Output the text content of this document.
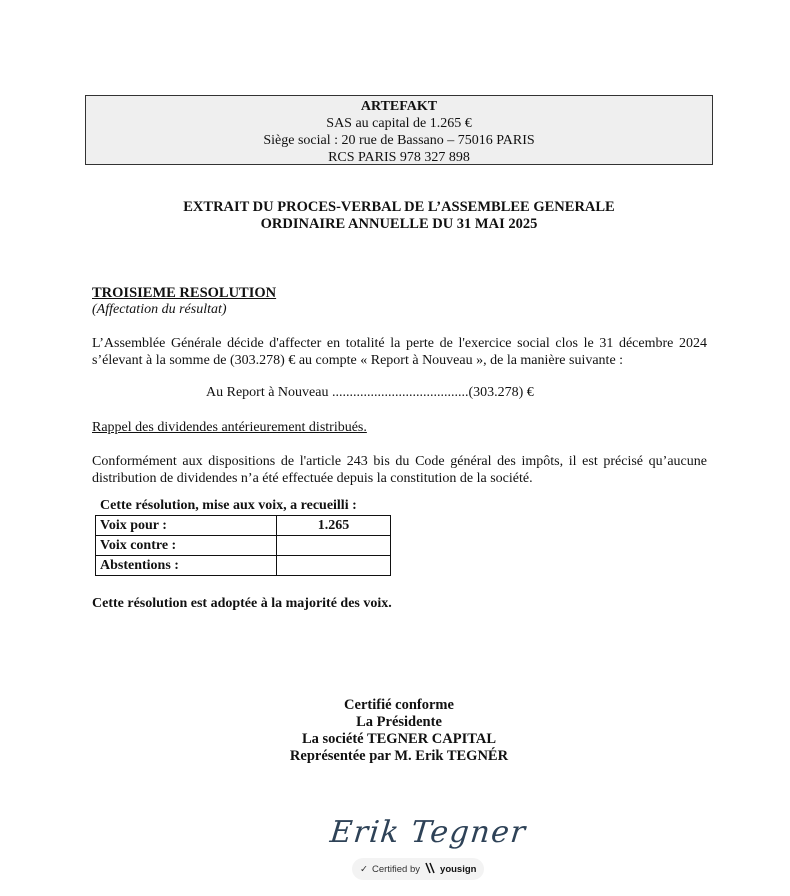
ARTEFAKT
SAS au capital de 1.265 €
Siège social : 20 rue de Bassano – 75016 PARIS
RCS PARIS 978 327 898
EXTRAIT DU PROCES-VERBAL DE L’ASSEMBLEE GENERALE
ORDINAIRE ANNUELLE DU 31 MAI 2025
TROISIEME RESOLUTION
(Affectation du résultat)
L’Assemblée Générale décide d'affecter en totalité la perte de l'exercice social clos le 31 décembre 2024 s’élevant à la somme de (303.278) € au compte « Report à Nouveau », de la manière suivante :
Au Report à Nouveau .......................................(303.278) €
Rappel des dividendes antérieurement distribués.
Conformément aux dispositions de l'article 243 bis du Code général des impôts, il est précisé qu’aucune distribution de dividendes n’a été effectuée depuis la constitution de la société.
Cette résolution, mise aux voix, a recueilli :
Voix pour :	1.265
Voix contre :	
Abstentions :	
Cette résolution est adoptée à la majorité des voix.
Certifié conforme
La Présidente
La société TEGNER CAPITAL
Représentée par M. Erik TEGNÉR
Erik Tegner
✓ Certified by yousign
